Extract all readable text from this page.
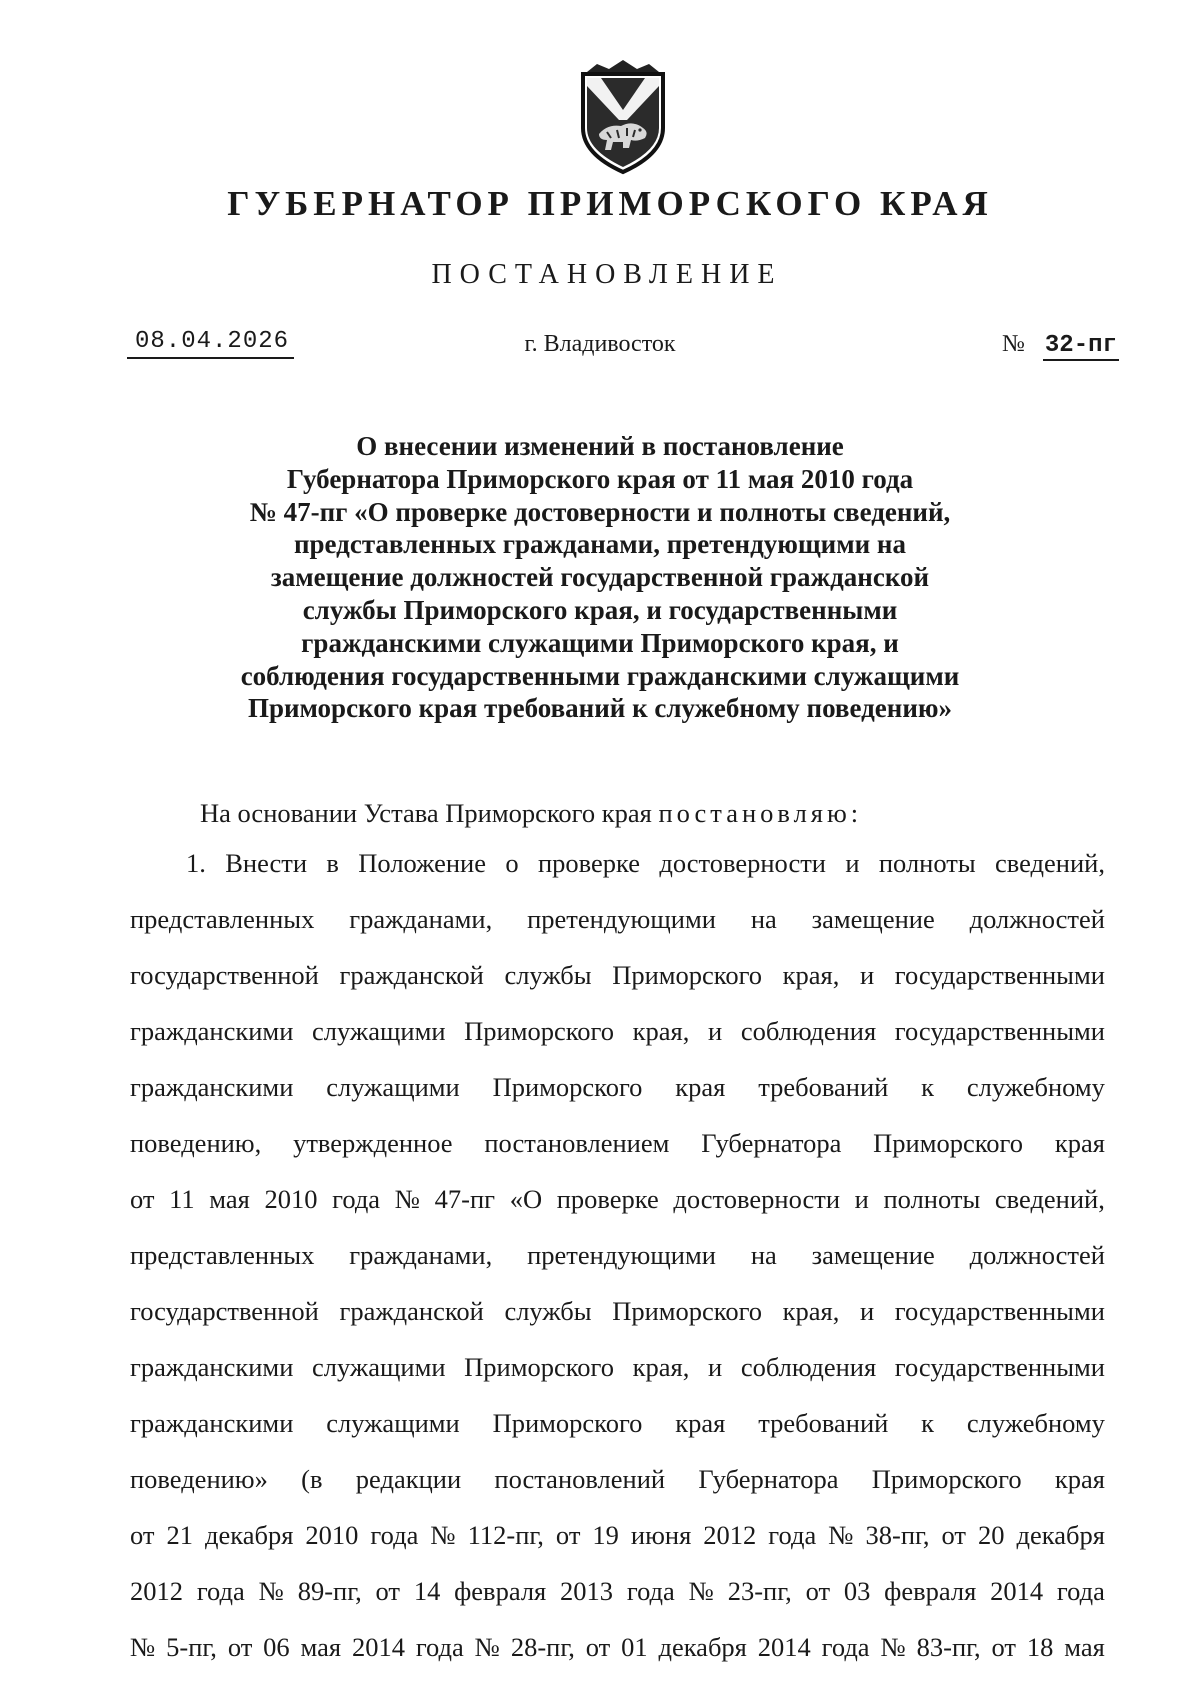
ГУБЕРНАТОР ПРИМОРСКОГО КРАЯ
ПОСТАНОВЛЕНИЕ
08.04.2026	г. Владивосток	№ 32-пг
О внесении изменений в постановление
Губернатора Приморского края от 11 мая 2010 года
№ 47-пг «О проверке достоверности и полноты сведений,
представленных гражданами, претендующими на
замещение должностей государственной гражданской
службы Приморского края, и государственными
гражданскими служащими Приморского края, и
соблюдения государственными гражданскими служащими
Приморского края требований к служебному поведению»
На основании Устава Приморского края постановляю:
1. Внести в Положение о проверке достоверности и полноты сведений,
представленных гражданами, претендующими на замещение должностей
государственной гражданской службы Приморского края, и государственными
гражданскими служащими Приморского края, и соблюдения государственными
гражданскими служащими Приморского края требований к служебному
поведению, утвержденное постановлением Губернатора Приморского края
от 11 мая 2010 года № 47-пг «О проверке достоверности и полноты сведений,
представленных гражданами, претендующими на замещение должностей
государственной гражданской службы Приморского края, и государственными
гражданскими служащими Приморского края, и соблюдения государственными
гражданскими служащими Приморского края требований к служебному
поведению» (в редакции постановлений Губернатора Приморского края
от 21 декабря 2010 года № 112-пг, от 19 июня 2012 года № 38-пг, от 20 декабря
2012 года № 89-пг, от 14 февраля 2013 года № 23-пг, от 03 февраля 2014 года
№ 5-пг, от 06 мая 2014 года № 28-пг, от 01 декабря 2014 года № 83-пг, от 18 мая
